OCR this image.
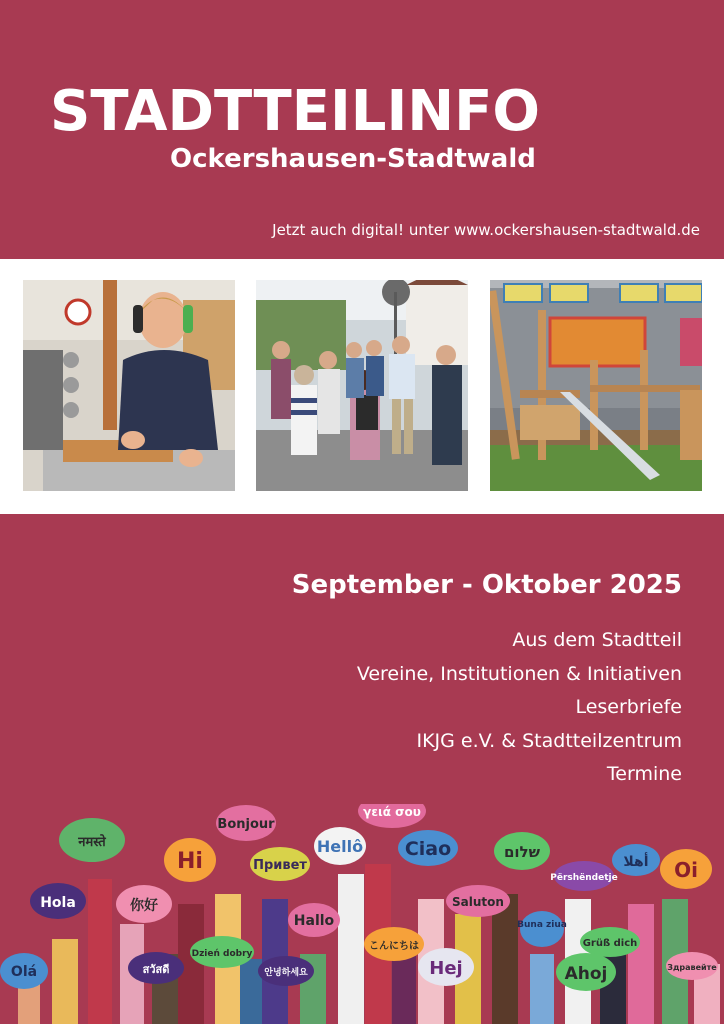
STADTTEILINFO
Ockershausen-Stadtwald

Jetzt auch digital! unter www.ockershausen-stadtwald.de

September - Oktober 2025

Aus dem Stadtteil
Vereine, Institutionen & Initiativen
Leserbriefe
IKJG e.V. & Stadtteilzentrum
Termine
नमस्ते
Bonjour
γειά σου
Hi	Привет
Hellô Ciao	שלום
Përshëndetje
أهلا Oi
Hola	你好
Hallo
Saluton
Buna ziua
Dzień dobry
こんにちは	Grüß dich
Olá	สวัสดี	안녕하세요	Hej	Ahoj	Здравейте
